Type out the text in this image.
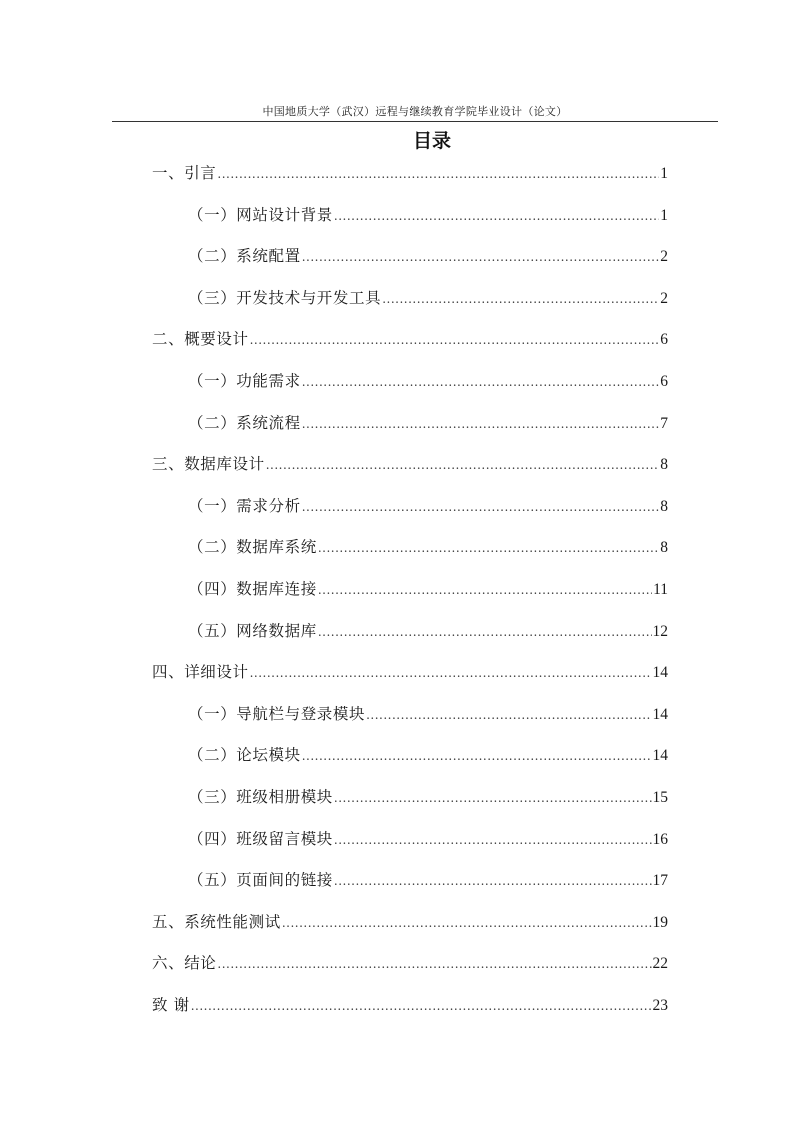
中国地质大学（武汉）远程与继续教育学院毕业设计（论文）
目录
一、引言 .....	1
（一）网站设计背景 .....	1
（二）系统配置 .....	2
（三）开发技术与开发工具 .....	2
二、概要设计 .....	6
（一）功能需求 .....	6
（二）系统流程 .....	7
三、数据库设计 .....	8
（一）需求分析 .....	8
（二）数据库系统 .....	8
（四）数据库连接 .....	11
（五）网络数据库 .....	12
四、详细设计 .....	14
（一）导航栏与登录模块 .....	14
（二）论坛模块 .....	14
（三）班级相册模块 .....	15
（四）班级留言模块 .....	16
（五）页面间的链接 .....	17
五、系统性能测试 .....	19
六、结论 .....	22
致 谢 .....	23
